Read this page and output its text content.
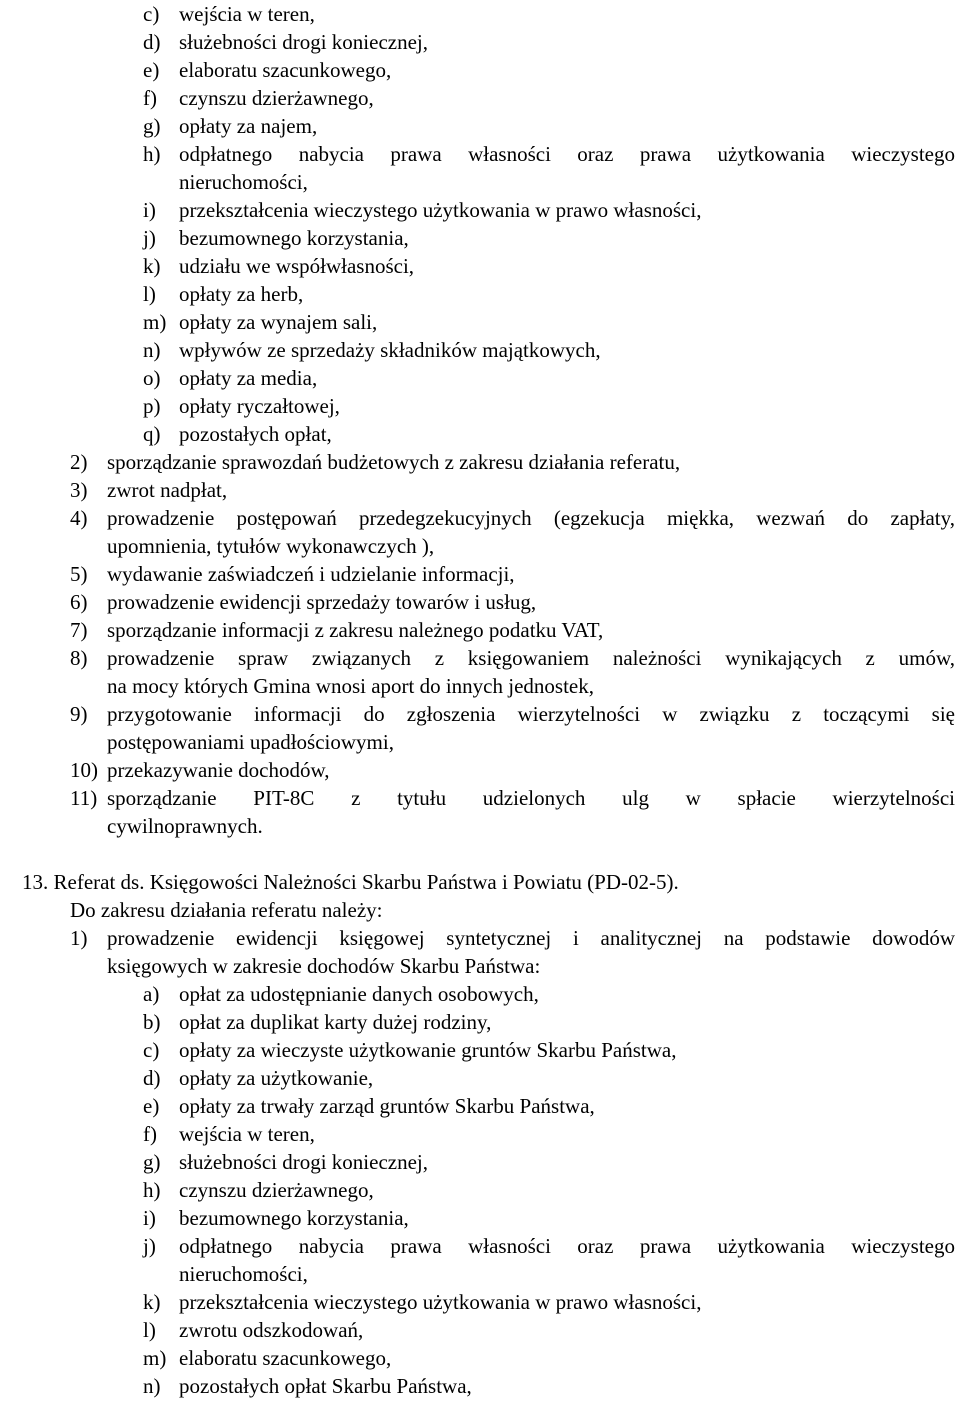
c) wejścia w teren,
d) służebności drogi koniecznej,
e) elaboratu szacunkowego,
f) czynszu dzierżawnego,
g) opłaty za najem,
h) odpłatnego nabycia prawa własności oraz prawa użytkowania wieczystego
nieruchomości,
i) przekształcenia wieczystego użytkowania w prawo własności,
j) bezumownego korzystania,
k) udziału we współwłasności,
l) opłaty za herb,
m) opłaty za wynajem sali,
n) wpływów ze sprzedaży składników majątkowych,
o) opłaty za media,
p) opłaty ryczałtowej,
q) pozostałych opłat,
2) sporządzanie sprawozdań budżetowych z zakresu działania referatu,
3) zwrot nadpłat,
4) prowadzenie postępowań przedegzekucyjnych (egzekucja miękka, wezwań do zapłaty,
upomnienia, tytułów wykonawczych ),
5) wydawanie zaświadczeń i udzielanie informacji,
6) prowadzenie ewidencji sprzedaży towarów i usług,
7) sporządzanie informacji z zakresu należnego podatku VAT,
8) prowadzenie spraw związanych z księgowaniem należności wynikających z umów,
na mocy których Gmina wnosi aport do innych jednostek,
9) przygotowanie informacji do zgłoszenia wierzytelności w związku z toczącymi się
postępowaniami upadłościowymi,
10) przekazywanie dochodów,
11) sporządzanie PIT-8C z tytułu udzielonych ulg w spłacie wierzytelności
cywilnoprawnych.
13. Referat ds. Księgowości Należności Skarbu Państwa i Powiatu (PD-02-5).
Do zakresu działania referatu należy:
1) prowadzenie ewidencji księgowej syntetycznej i analitycznej na podstawie dowodów
księgowych w zakresie dochodów Skarbu Państwa:
a) opłat za udostępnianie danych osobowych,
b) opłat za duplikat karty dużej rodziny,
c) opłaty za wieczyste użytkowanie gruntów Skarbu Państwa,
d) opłaty za użytkowanie,
e) opłaty za trwały zarząd gruntów Skarbu Państwa,
f) wejścia w teren,
g) służebności drogi koniecznej,
h) czynszu dzierżawnego,
i) bezumownego korzystania,
j) odpłatnego nabycia prawa własności oraz prawa użytkowania wieczystego
nieruchomości,
k) przekształcenia wieczystego użytkowania w prawo własności,
l) zwrotu odszkodowań,
m) elaboratu szacunkowego,
n) pozostałych opłat Skarbu Państwa,
